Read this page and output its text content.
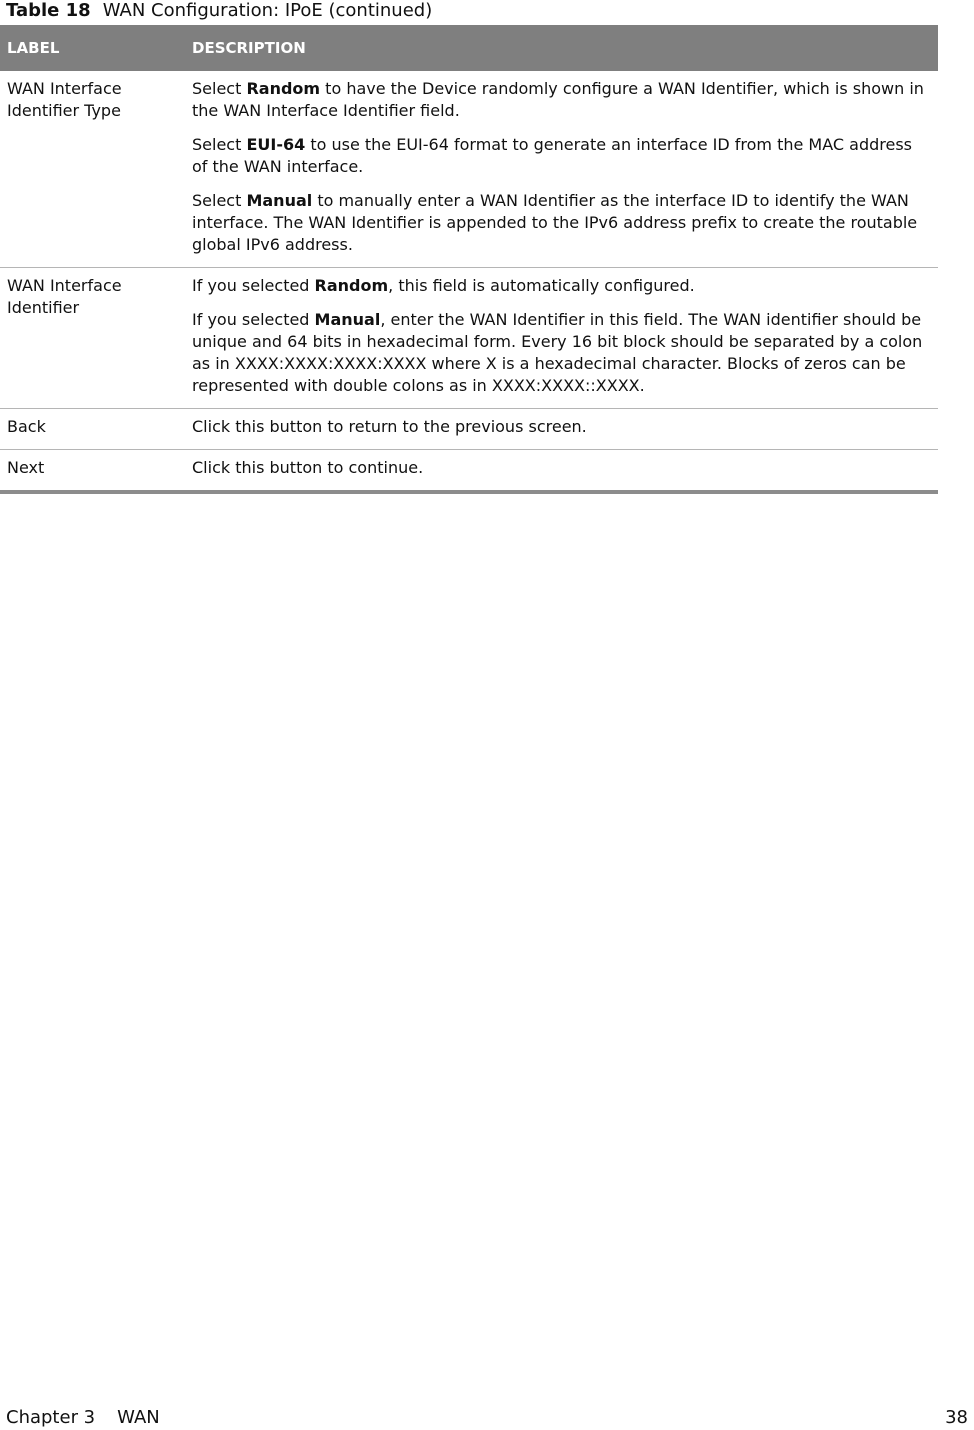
Table 18 WAN Configuration: IPoE (continued)
LABEL	DESCRIPTION
WAN Interface Identifier Type	Select Random to have the Device randomly configure a WAN Identifier, which is shown in the WAN Interface Identifier field.

Select EUI-64 to use the EUI-64 format to generate an interface ID from the MAC address of the WAN interface.

Select Manual to manually enter a WAN Identifier as the interface ID to identify the WAN interface. The WAN Identifier is appended to the IPv6 address prefix to create the routable global IPv6 address.

WAN Interface Identifier	If you selected Random, this field is automatically configured.

If you selected Manual, enter the WAN Identifier in this field. The WAN identifier should be unique and 64 bits in hexadecimal form. Every 16 bit block should be separated by a colon as in XXXX:XXXX:XXXX:XXXX where X is a hexadecimal character. Blocks of zeros can be represented with double colons as in XXXX:XXXX::XXXX.

Back	Click this button to return to the previous screen.

Next	Click this button to continue.

Chapter 3 WAN	38
